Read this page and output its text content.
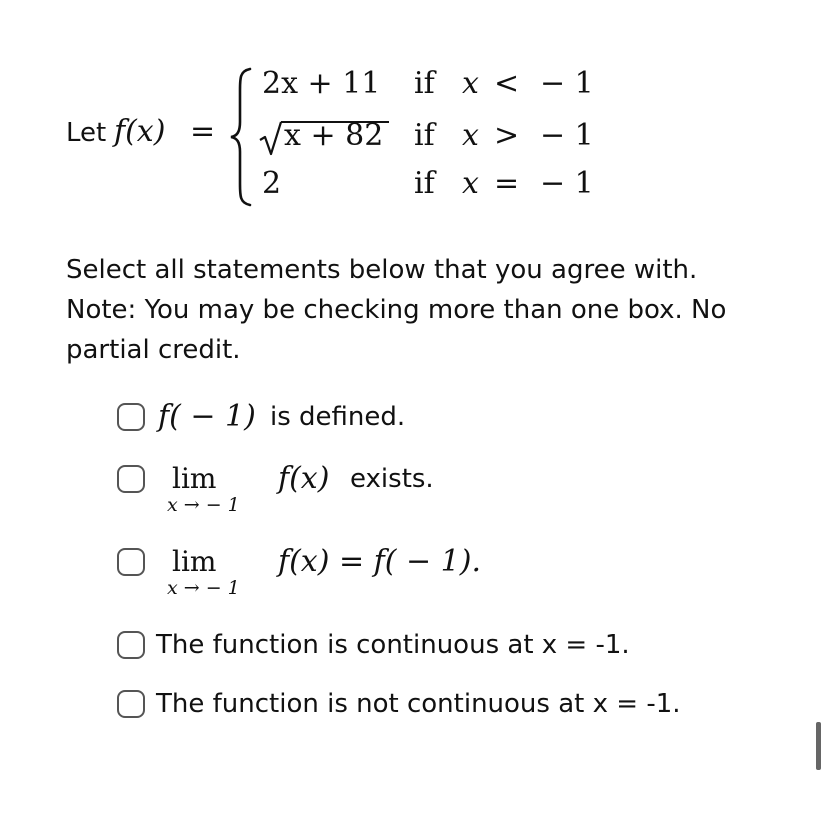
Let f(x) =
2x + 11 if x < − 1
x + 82 if x > − 1
2	if x = − 1
Select all statements below that you agree with. Note: You may be checking more than one box. No partial credit.
f( − 1) is defined.
lim
x → − 1
f(x) exists.
lim
x → − 1
f(x) = f( − 1).
The function is continuous at x = -1.
The function is not continuous at x = -1.
